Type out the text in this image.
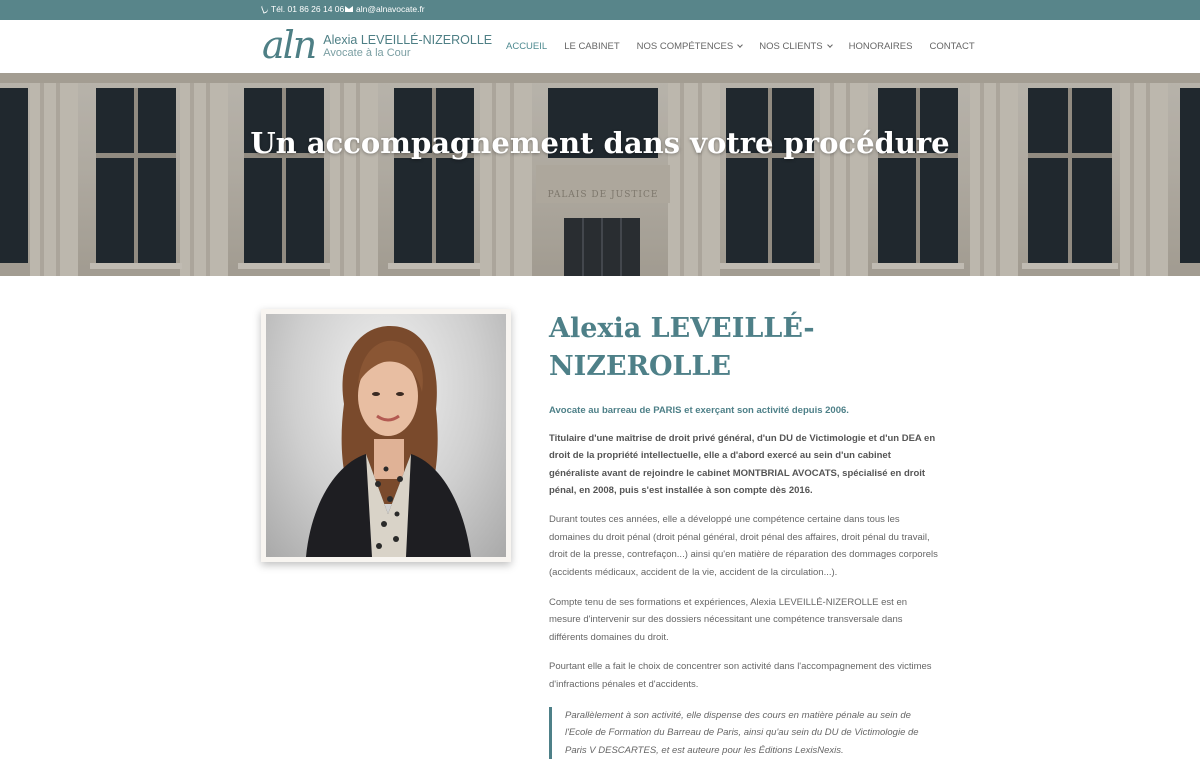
Tél. 01 86 26 14 06 aln@alnavocate.fr
aln Alexia LEVEILLÉ-NIZEROLLE
Avocate à la Cour
ACCUEIL LE CABINET NOS COMPÉTENCES	NOS CLIENTS	HONORAIRES CONTACT
PALAIS DE JUSTICE
Un accompagnement dans votre procédure
Alexia LEVEILLÉ-NIZEROLLE

Avocate au barreau de PARIS et exerçant son activité depuis 2006.

Titulaire d'une maîtrise de droit privé général, d'un DU de Victimologie et d'un DEA en droit de la propriété intellectuelle, elle a d'abord exercé au sein d'un cabinet généraliste avant de rejoindre le cabinet MONTBRIAL AVOCATS, spécialisé en droit pénal, en 2008, puis s'est installée à son compte dès 2016.

Durant toutes ces années, elle a développé une compétence certaine dans tous les domaines du droit pénal (droit pénal général, droit pénal des affaires, droit pénal du travail, droit de la presse, contrefaçon...) ainsi qu'en matière de réparation des dommages corporels (accidents médicaux, accident de la vie, accident de la circulation...).

Compte tenu de ses formations et expériences, Alexia LEVEILLÉ-NIZEROLLE est en mesure d'intervenir sur des dossiers nécessitant une compétence transversale dans différents domaines du droit.

Pourtant elle a fait le choix de concentrer son activité dans l'accompagnement des victimes d'infractions pénales et d'accidents.

Parallèlement à son activité, elle dispense des cours en matière pénale au sein de l'Ecole de Formation du Barreau de Paris, ainsi qu'au sein du DU de Victimologie de Paris V DESCARTES, et est auteure pour les Éditions LexisNexis.
